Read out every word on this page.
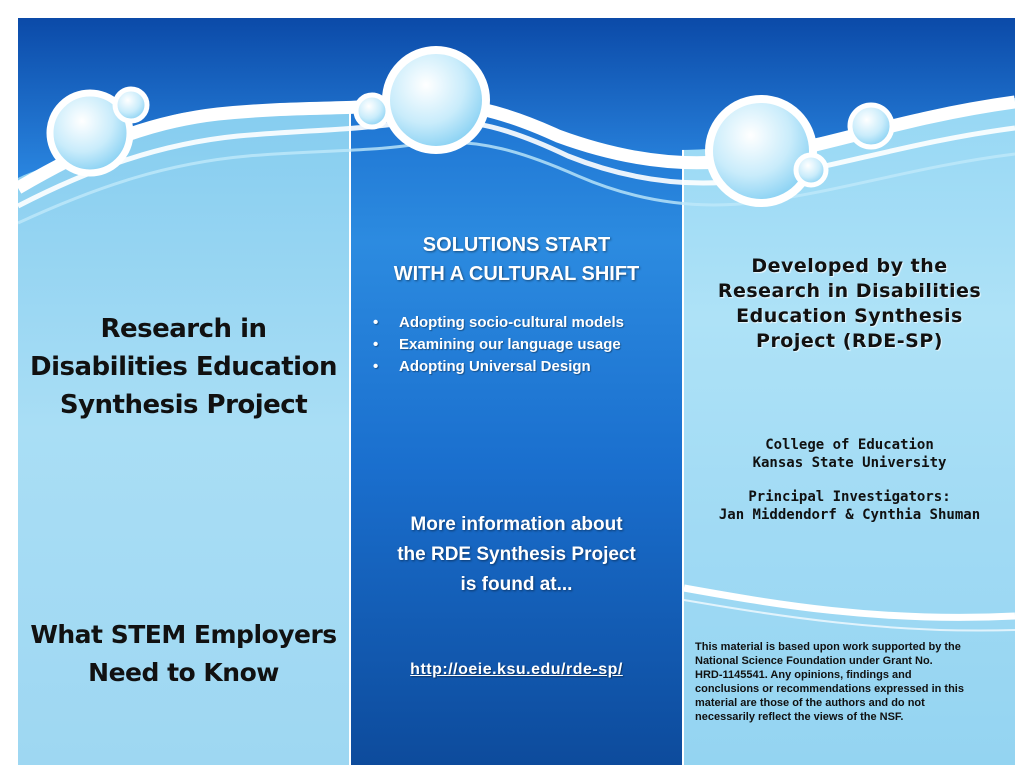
Research in
Disabilities Education
Synthesis Project
What STEM Employers
Need to Know
SOLUTIONS START
WITH A CULTURAL SHIFT
• Adopting socio-cultural models
• Examining our language usage
• Adopting Universal Design
More information about
the RDE Synthesis Project
is found at...
http://oeie.ksu.edu/rde-sp/
Developed by the
Research in Disabilities
Education Synthesis
Project (RDE-SP)
College of Education
Kansas State University
Principal Investigators:
Jan Middendorf & Cynthia Shuman
This material is based upon work supported by the
National Science Foundation under Grant No.
HRD-1145541. Any opinions, findings and
conclusions or recommendations expressed in this
material are those of the authors and do not
necessarily reflect the views of the NSF.
